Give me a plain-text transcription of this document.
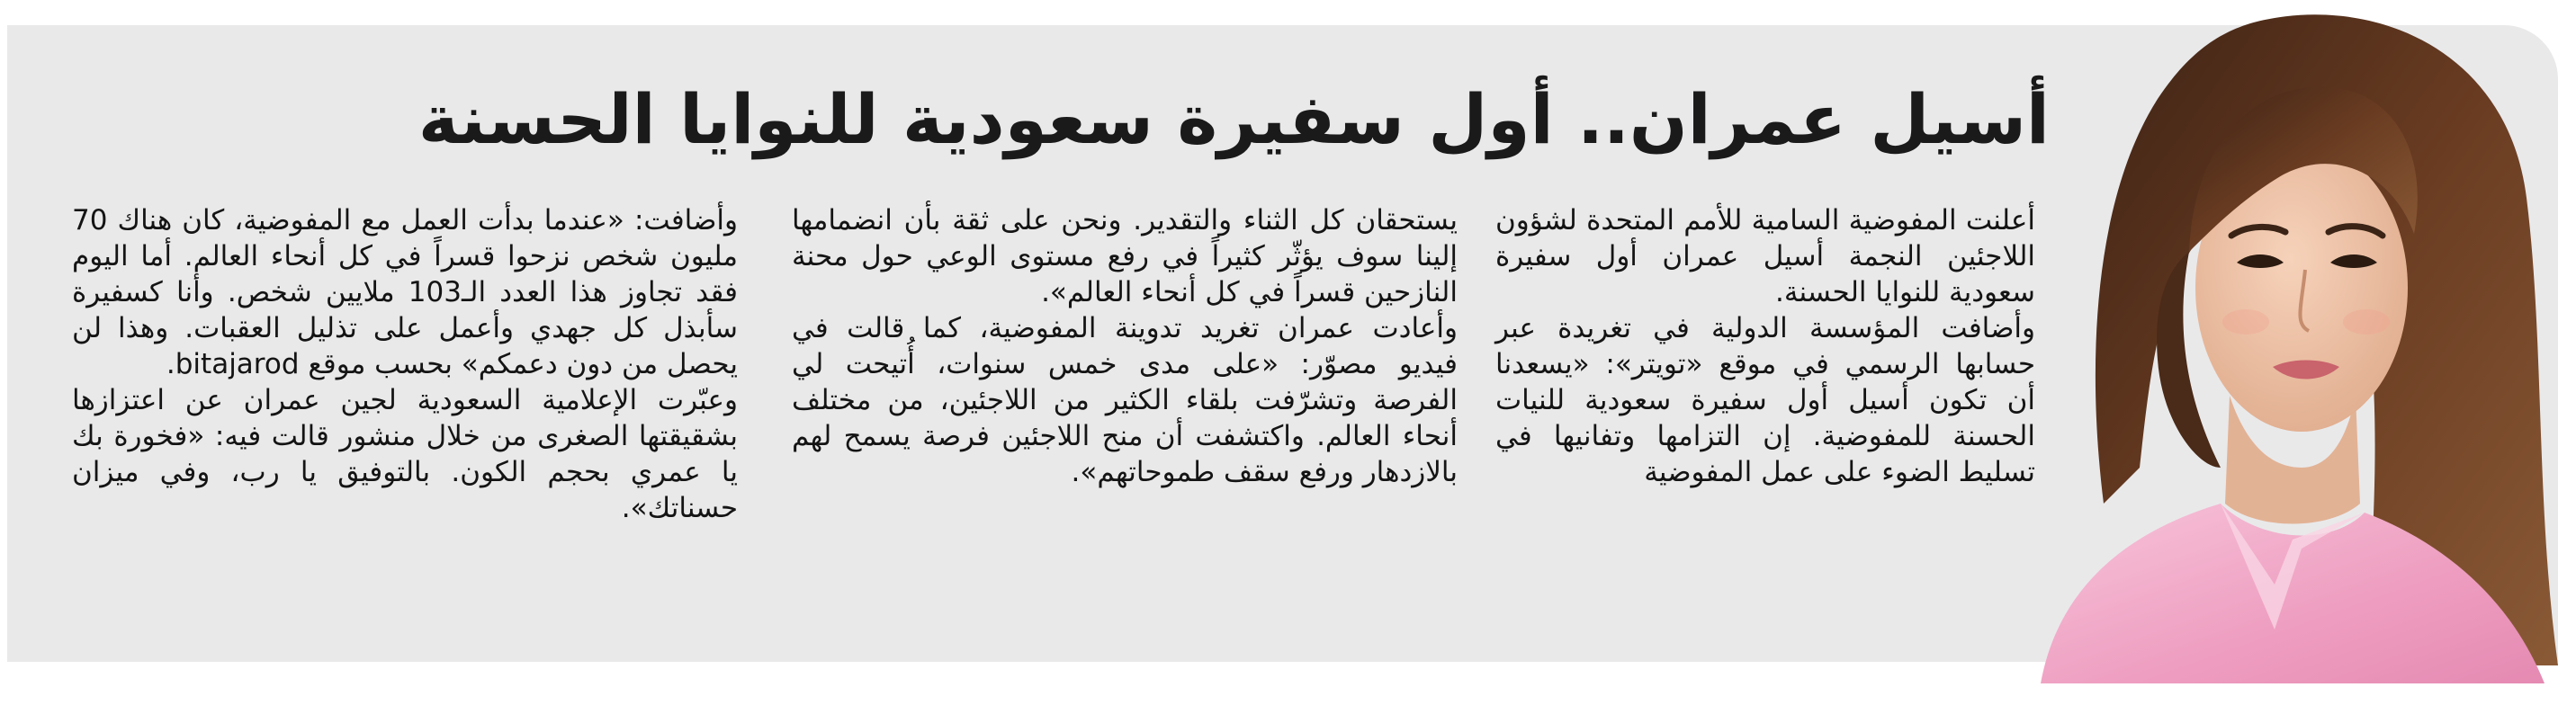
أسيل عمران.. أول سفيرة سعودية للنوايا الحسنة

أعلنت المفوضية السامية للأمم المتحدة لشؤون اللاجئين النجمة أسيل عمران أول سفيرة سعودية للنوايا الحسنة.

وأضافت المؤسسة الدولية في تغريدة عبر حسابها الرسمي في موقع «تويتر»: «يسعدنا أن تكون أسيل أول سفيرة سعودية للنيات الحسنة للمفوضية. إن التزامها وتفانيها في تسليط الضوء على عمل المفوضية

يستحقان كل الثناء والتقدير. ونحن على ثقة بأن انضمامها إلينا سوف يؤثّر كثيراً في رفع مستوى الوعي حول محنة النازحين قسراً في كل أنحاء العالم».

وأعادت عمران تغريد تدوينة المفوضية، كما قالت في فيديو مصوّر: «على مدى خمس سنوات، أُتيحت لي الفرصة وتشرّفت بلقاء الكثير من اللاجئين، من مختلف أنحاء العالم. واكتشفت أن منح اللاجئين فرصة يسمح لهم بالازدهار ورفع سقف طموحاتهم».

وأضافت: «عندما بدأت العمل مع المفوضية، كان هناك 70 مليون شخص نزحوا قسراً في كل أنحاء العالم. أما اليوم فقد تجاوز هذا العدد الـ103 ملايين شخص. وأنا كسفيرة سأبذل كل جهدي وأعمل على تذليل العقبات. وهذا لن يحصل من دون دعمكم» بحسب موقع bitajarod.

وعبّرت الإعلامية السعودية لجين عمران عن اعتزازها بشقيقتها الصغرى من خلال منشور قالت فيه: «فخورة بك يا عمري بحجم الكون. بالتوفيق يا رب، وفي ميزان حسناتك».
